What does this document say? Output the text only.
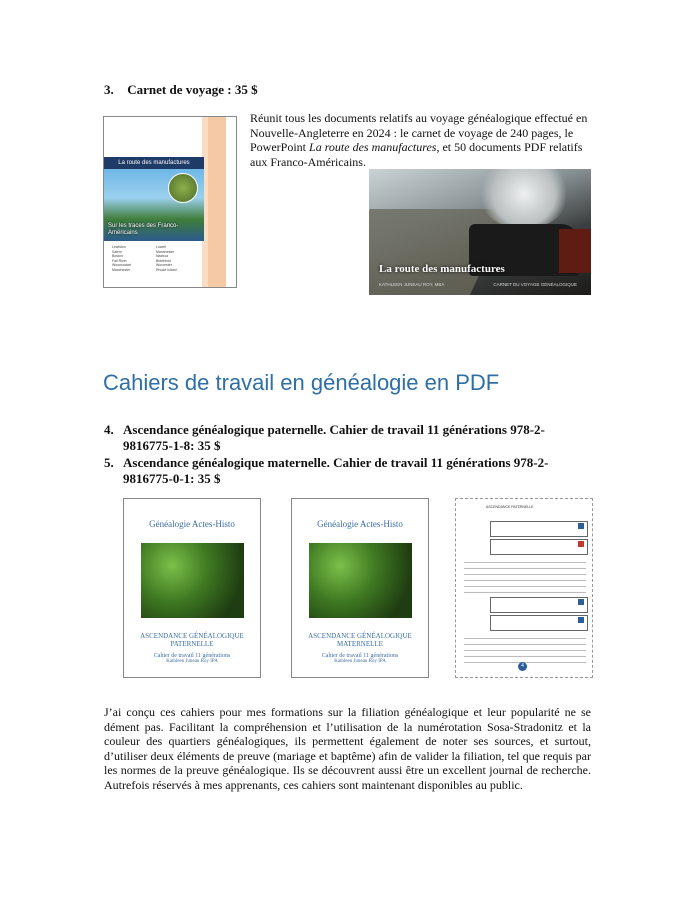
3. Carnet de voyage : 35 $
Réunit tous les documents relatifs au voyage généalogique effectué en Nouvelle-Angleterre en 2024 : le carnet de voyage de 240 pages, le PowerPoint La route des manufactures, et 50 documents PDF relatifs aux Franco-Américains.
La route des manufactures
Sur les traces des Franco-Américains
Lewiston	Lowell Salem	Manchester Boston	Nashua Fall River	Biddeford Woonsocket	Worcester Manchester	Rhode Island	La route des manufactures
KATHLEEN JUNEAU ROY, MBA	CARNET DU VOYAGE GÉNÉALOGIQUE
Cahiers de travail en généalogie en PDF
4. Ascendance généalogique paternelle. Cahier de travail 11 générations 978-2-9816775-1-8: 35 $
5. Ascendance généalogique maternelle. Cahier de travail 11 générations 978-2-9816775-0-1: 35 $
Généalogie Actes-Histo
ASCENDANCE GÉNÉALOGIQUE PATERNELLE
Cahier de travail 11 générations
Kathleen Juneau Roy IPA
Généalogie Actes-Histo
ASCENDANCE GÉNÉALOGIQUE MATERNELLE
Cahier de travail 11 générations
Kathleen Juneau Roy IPA
ASCENDANCE PATERNELLE
4
J’ai conçu ces cahiers pour mes formations sur la filiation généalogique et leur popularité ne se dément pas. Facilitant la compréhension et l’utilisation de la numérotation Sosa-Stradonitz et la couleur des quartiers généalogiques, ils permettent également de noter ses sources, et surtout, d’utiliser deux éléments de preuve (mariage et baptême) afin de valider la filiation, tel que requis par les normes de la preuve généalogique. Ils se découvrent aussi être un excellent journal de recherche. Autrefois réservés à mes apprenants, ces cahiers sont maintenant disponibles au public.
